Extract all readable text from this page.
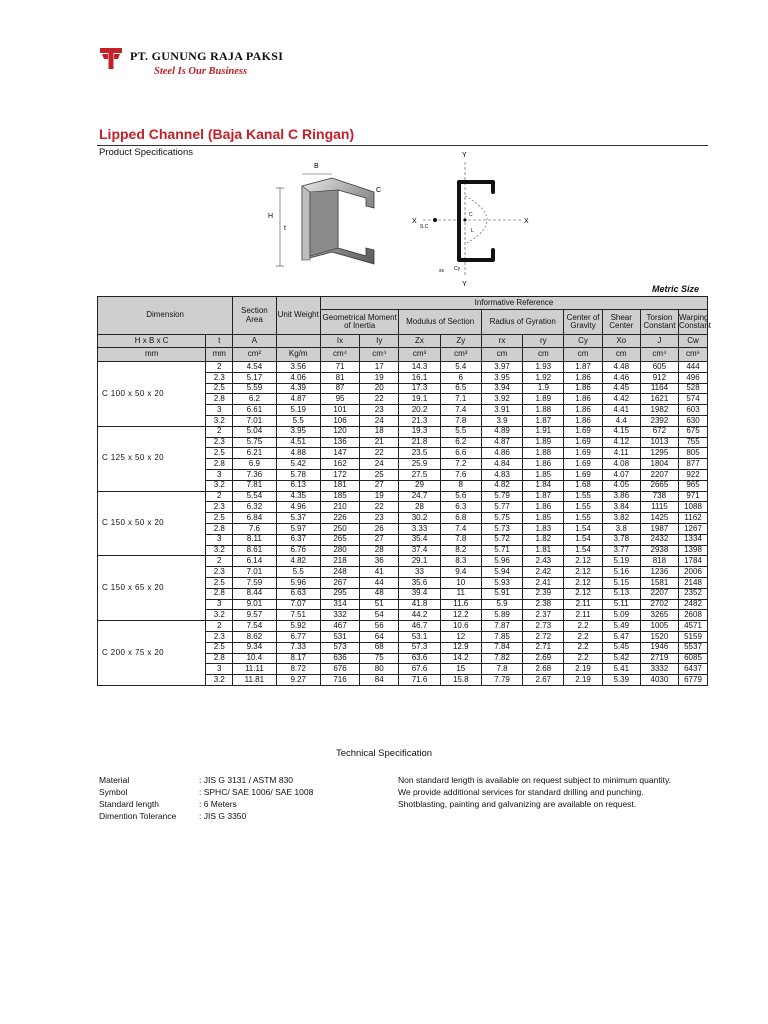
PT. GUNUNG RAJA PAKSI
Steel Is Our Business
Lipped Channel (Baja Kanal C Ringan)
Product Specifications
B
C
H
t
Y
Y
X	X
S.C
C
L
xs Cy
Metric Size
Dimension		Section Area	Unit Weight	Informative Reference									
				Geometrical Moment of Inertia		Modulus of Section		Radius of Gyration		Center of Gravity	Shear Center	Torsion Constant	Warping Constant
H x B x C	t	A		Ix	Iy	Zx	Zy	rx	ry	Cy	Xo	J	Cw
mm	mm	cm²	Kg/m	cm⁴	cm⁴	cm³	cm³	cm	cm	cm	cm	cm⁴	cm⁶
C 100 x 50 x 20	2	4.54	3.56	71	17	14.3	5.4	3.97	1.93	1.87	4.48	605	444
	2.3	5.17	4.06	81	19	16.1	6	3.95	1.92	1.86	4.46	912	496
	2.5	5.59	4.39	87	20	17.3	6.5	3.94	1.9	1.86	4.45	1164	528
	2.8	6.2	4.87	95	22	19.1	7.1	3.92	1.89	1.86	4.42	1621	574
	3	6.61	5.19	101	23	20.2	7.4	3.91	1.88	1.86	4.41	1982	603
	3.2	7.01	5.5	106	24	21.3	7.8	3.9	1.87	1.86	4.4	2392	630
C 125 x 50 x 20	2	5.04	3.95	120	18	19.3	5.5	4.89	1.91	1.69	4.15	672	675
	2.3	5.75	4.51	136	21	21.8	6.2	4.87	1.89	1.69	4.12	1013	755
	2.5	6.21	4.88	147	22	23.5	6.6	4.86	1.88	1.69	4.11	1295	805
	2.8	6.9	5.42	162	24	25.9	7.2	4.84	1.86	1.69	4.08	1804	877
	3	7.36	5.78	172	25	27.5	7.6	4.83	1.85	1.69	4.07	2207	922
	3.2	7.81	6.13	181	27	29	8	4.82	1.84	1.68	4.05	2665	965
C 150 x 50 x 20	2	5.54	4.35	185	19	24.7	5.6	5.79	1.87	1.55	3.86	738	971
	2.3	6.32	4.96	210	22	28	6.3	5.77	1.86	1.55	3.84	1115	1088
	2.5	6.84	5.37	226	23	30.2	6.8	5.75	1.85	1.55	3.82	1425	1162
	2.8	7.6	5.97	250	26	3.33	7.4	5.73	1.83	1.54	3.8	1987	1267
	3	8.11	6.37	265	27	35.4	7.8	5.72	1.82	1.54	3.78	2432	1334
	3.2	8.61	6.76	280	28	37.4	8.2	5.71	1.81	1.54	3.77	2938	1398
C 150 x 65 x 20	2	6.14	4.82	218	36	29.1	8.3	5.96	2.43	2.12	5.19	818	1784
	2.3	7.01	5.5	248	41	33	9.4	5.94	2.42	2.12	5.16	1236	2006
	2.5	7.59	5.96	267	44	35.6	10	5.93	2.41	2.12	5.15	1581	2148
	2.8	8.44	6.63	295	48	39.4	11	5.91	2.39	2.12	5.13	2207	2352
	3	9.01	7.07	314	51	41.8	11.6	5.9	2.38	2.11	5.11	2702	2482
	3.2	9.57	7.51	332	54	44.2	12.2	5.89	2.37	2.11	5.09	3265	2608
C 200 x 75 x 20	2	7.54	5.92	467	56	46.7	10.6	7.87	2.73	2.2	5.49	1005	4571
	2.3	8.62	6.77	531	64	53.1	12	7.85	2.72	2.2	5.47	1520	5159
	2.5	9.34	7.33	573	68	57.3	12.9	7.84	2.71	2.2	5.45	1946	5537
	2.8	10.4	8.17	636	75	63.6	14.2	7.82	2.69	2.2	5.42	2719	6085
	3	11.11	8.72	676	80	67.6	15	7.8	2.68	2.19	5.41	3332	6437
	3.2	11.81	9.27	716	84	71.6	15.8	7.79	2.67	2.19	5.39	4030	6779
Technical Specification
Material	: JIS G 3131 / ASTM 830
Symbol	: SPHC/ SAE 1006/ SAE 1008
Standard length	: 6 Meters
Dimention Tolerance	: JIS G 3350
Non standard length is available on request subject to minimum quantity.
We provide additional services for standard drilling and punching.
Shotblasting, painting and galvanizing are available on request.
